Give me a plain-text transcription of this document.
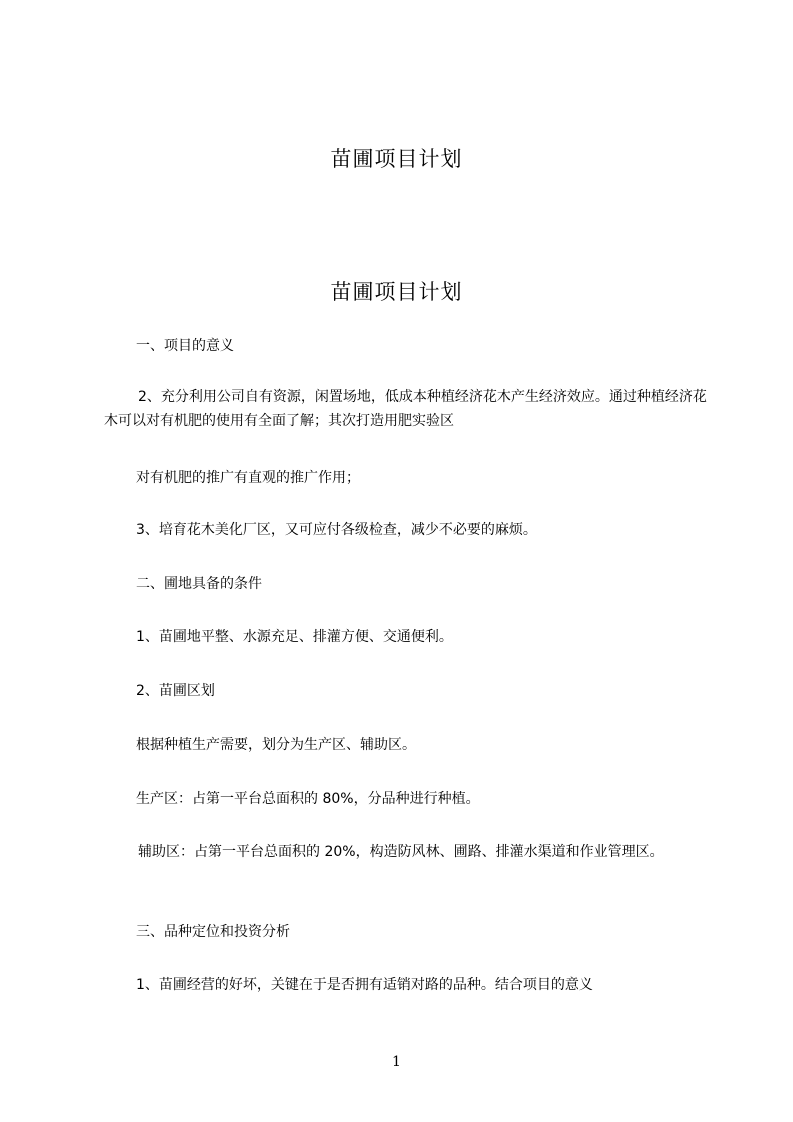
苗圃项目计划
苗圃项目计划
一、项目的意义
2、充分利用公司自有资源，闲置场地，低成本种植经济花木产生经济效应。通过种植经济花木可以对有机肥的使用有全面了解；其次打造用肥实验区
对有机肥的推广有直观的推广作用；
3、培育花木美化厂区，又可应付各级检查，减少不必要的麻烦。
二、圃地具备的条件
1、苗圃地平整、水源充足、排灌方便、交通便利。
2、苗圃区划
根据种植生产需要，划分为生产区、辅助区。
生产区：占第一平台总面积的 80%，分品种进行种植。
辅助区：占第一平台总面积的 20%，构造防风林、圃路、排灌水渠道和作业管理区。
三、品种定位和投资分析
1、苗圃经营的好坏，关键在于是否拥有适销对路的品种。结合项目的意义
1
